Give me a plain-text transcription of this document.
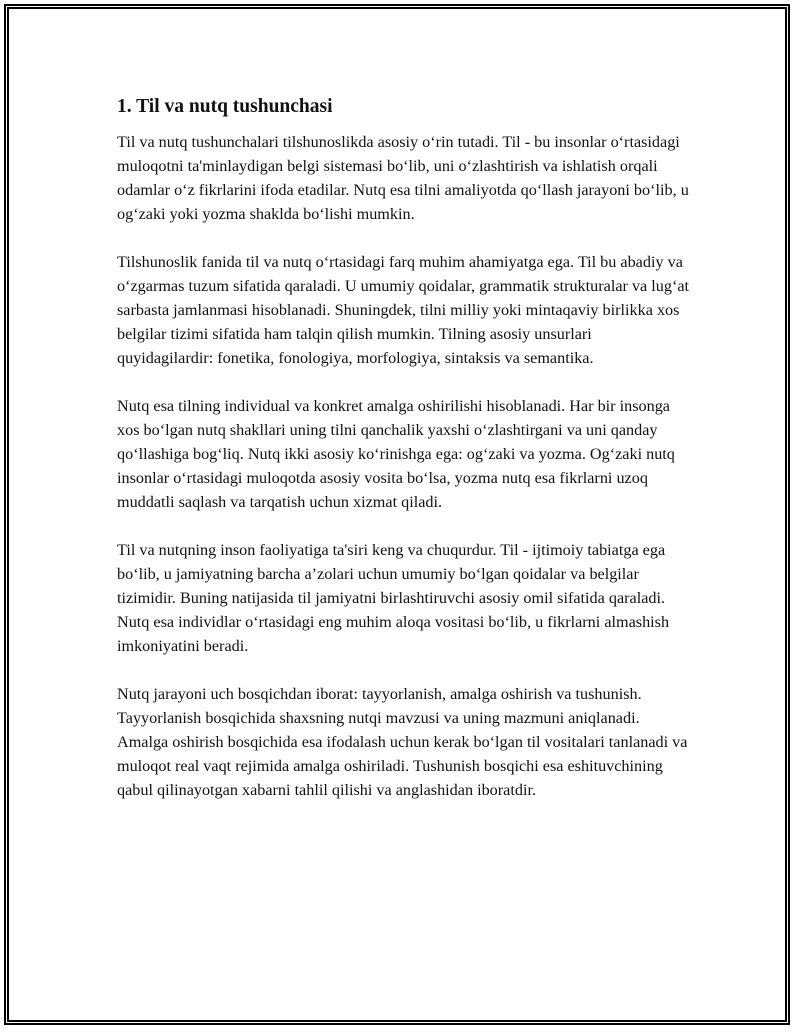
1. Til va nutq tushunchasi

Til va nutq tushunchalari tilshunoslikda asosiy o‘rin tutadi. Til - bu insonlar o‘rtasidagi muloqotni ta'minlaydigan belgi sistemasi bo‘lib, uni o‘zlashtirish va ishlatish orqali odamlar o‘z fikrlarini ifoda etadilar. Nutq esa tilni amaliyotda qo‘llash jarayoni bo‘lib, u og‘zaki yoki yozma shaklda bo‘lishi mumkin.

Tilshunoslik fanida til va nutq o‘rtasidagi farq muhim ahamiyatga ega. Til bu abadiy va o‘zgarmas tuzum sifatida qaraladi. U umumiy qoidalar, grammatik strukturalar va lug‘at sarbasta jamlanmasi hisoblanadi. Shuningdek, tilni milliy yoki mintaqaviy birlikka xos belgilar tizimi sifatida ham talqin qilish mumkin. Tilning asosiy unsurlari quyidagilardir: fonetika, fonologiya, morfologiya, sintaksis va semantika.

Nutq esa tilning individual va konkret amalga oshirilishi hisoblanadi. Har bir insonga xos bo‘lgan nutq shakllari uning tilni qanchalik yaxshi o‘zlashtirgani va uni qanday qo‘llashiga bog‘liq. Nutq ikki asosiy ko‘rinishga ega: og‘zaki va yozma. Og‘zaki nutq insonlar o‘rtasidagi muloqotda asosiy vosita bo‘lsa, yozma nutq esa fikrlarni uzoq muddatli saqlash va tarqatish uchun xizmat qiladi.

Til va nutqning inson faoliyatiga ta'siri keng va chuqurdur. Til - ijtimoiy tabiatga ega bo‘lib, u jamiyatning barcha a’zolari uchun umumiy bo‘lgan qoidalar va belgilar tizimidir. Buning natijasida til jamiyatni birlashtiruvchi asosiy omil sifatida qaraladi. Nutq esa individlar o‘rtasidagi eng muhim aloqa vositasi bo‘lib, u fikrlarni almashish imkoniyatini beradi.

Nutq jarayoni uch bosqichdan iborat: tayyorlanish, amalga oshirish va tushunish. Tayyorlanish bosqichida shaxsning nutqi mavzusi va uning mazmuni aniqlanadi. Amalga oshirish bosqichida esa ifodalash uchun kerak bo‘lgan til vositalari tanlanadi va muloqot real vaqt rejimida amalga oshiriladi. Tushunish bosqichi esa eshituvchining qabul qilinayotgan xabarni tahlil qilishi va anglashidan iboratdir.
